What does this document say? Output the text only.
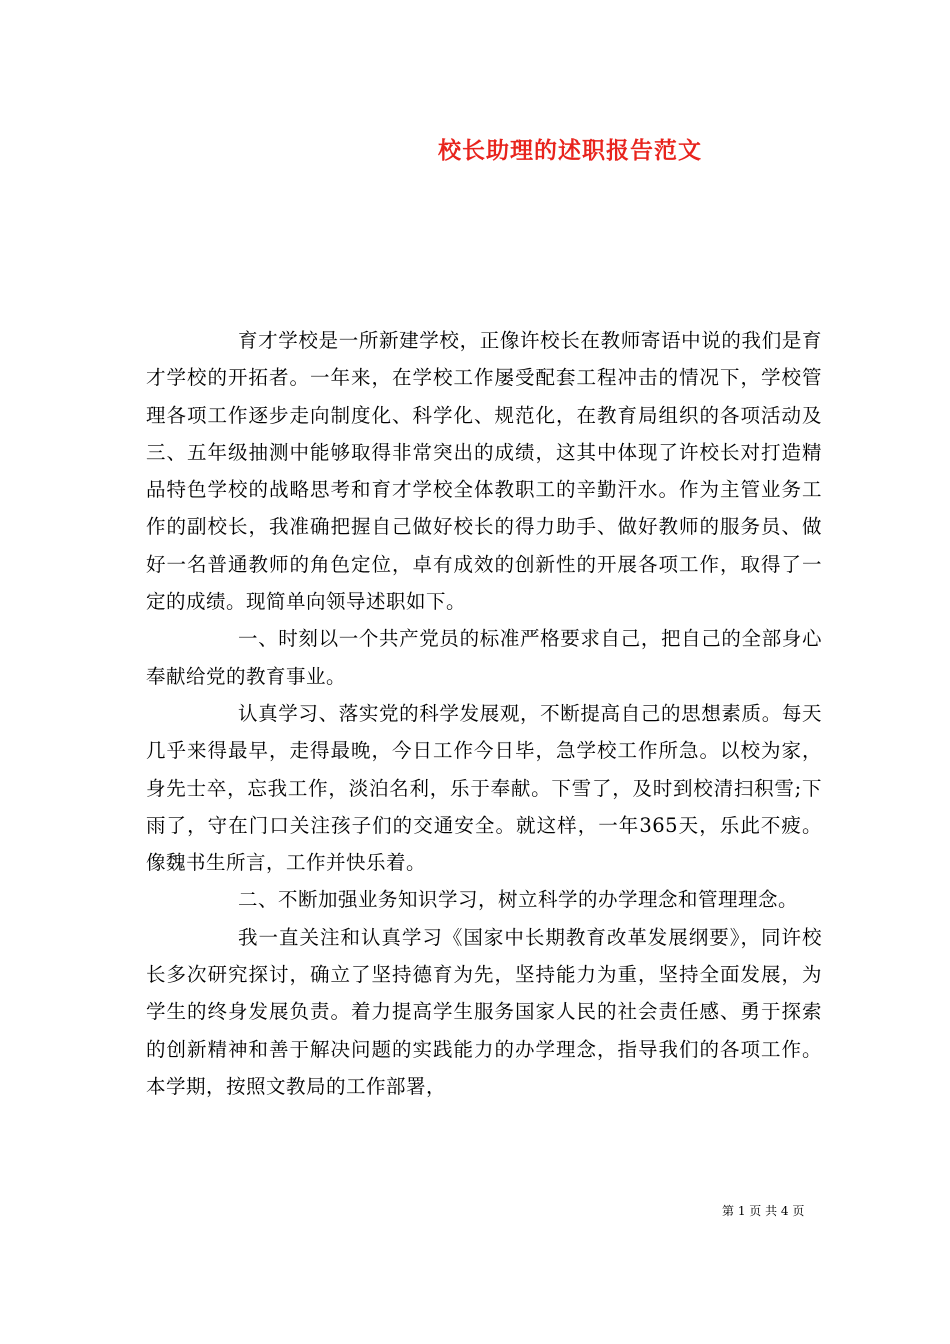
校长助理的述职报告范文

育才学校是一所新建学校，正像许校长在教师寄语中说的我们是育才学校的开拓者。一年来，在学校工作屡受配套工程冲击的情况下，学校管理各项工作逐步走向制度化、科学化、规范化，在教育局组织的各项活动及三、五年级抽测中能够取得非常突出的成绩，这其中体现了许校长对打造精品特色学校的战略思考和育才学校全体教职工的辛勤汗水。作为主管业务工作的副校长，我准确把握自己做好校长的得力助手、做好教师的服务员、做好一名普通教师的角色定位，卓有成效的创新性的开展各项工作，取得了一定的成绩。现简单向领导述职如下。

一、时刻以一个共产党员的标准严格要求自己，把自己的全部身心奉献给党的教育事业。

认真学习、落实党的科学发展观，不断提高自己的思想素质。每天几乎来得最早，走得最晚，今日工作今日毕，急学校工作所急。以校为家，身先士卒，忘我工作，淡泊名利，乐于奉献。下雪了，及时到校清扫积雪;下雨了，守在门口关注孩子们的交通安全。就这样，一年365天，乐此不疲。像魏书生所言，工作并快乐着。

二、不断加强业务知识学习，树立科学的办学理念和管理理念。

我一直关注和认真学习《国家中长期教育改革发展纲要》，同许校长多次研究探讨，确立了坚持德育为先，坚持能力为重，坚持全面发展，为学生的终身发展负责。着力提高学生服务国家人民的社会责任感、勇于探索的创新精神和善于解决问题的实践能力的办学理念，指导我们的各项工作。本学期，按照文教局的工作部署，

第 1 页 共 4 页
